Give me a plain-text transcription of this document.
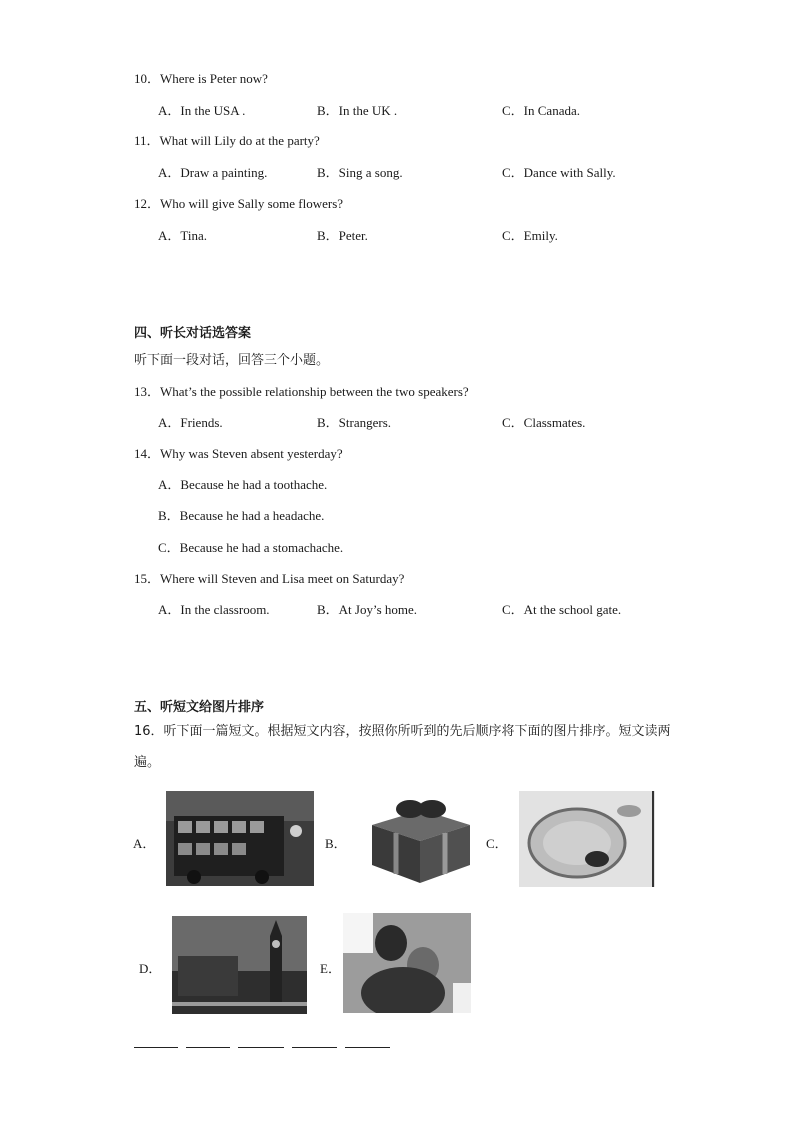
10．Where is Peter now?
A．In the USA .	B．In the UK .	C．In Canada.
11．What will Lily do at the party?
A．Draw a painting.	B．Sing a song.	C．Dance with Sally.
12．Who will give Sally some flowers?
A．Tina.	B．Peter.	C．Emily.
四、听长对话选答案
听下面一段对话，回答三个小题。
13．What’s the possible relationship between the two speakers?
A．Friends.	B．Strangers.	C．Classmates.
14．Why was Steven absent yesterday?
A．Because he had a toothache.
B．Because he had a headache.
C．Because he had a stomachache.
15．Where will Steven and Lisa meet on Saturday?
A．In the classroom.	B．At Joy’s home.	C．At the school gate.
五、听短文给图片排序
16．听下面一篇短文。根据短文内容，按照你所听到的先后顺序将下面的图片排序。短文读两遍。
A．	B．	C．
D．	E．
